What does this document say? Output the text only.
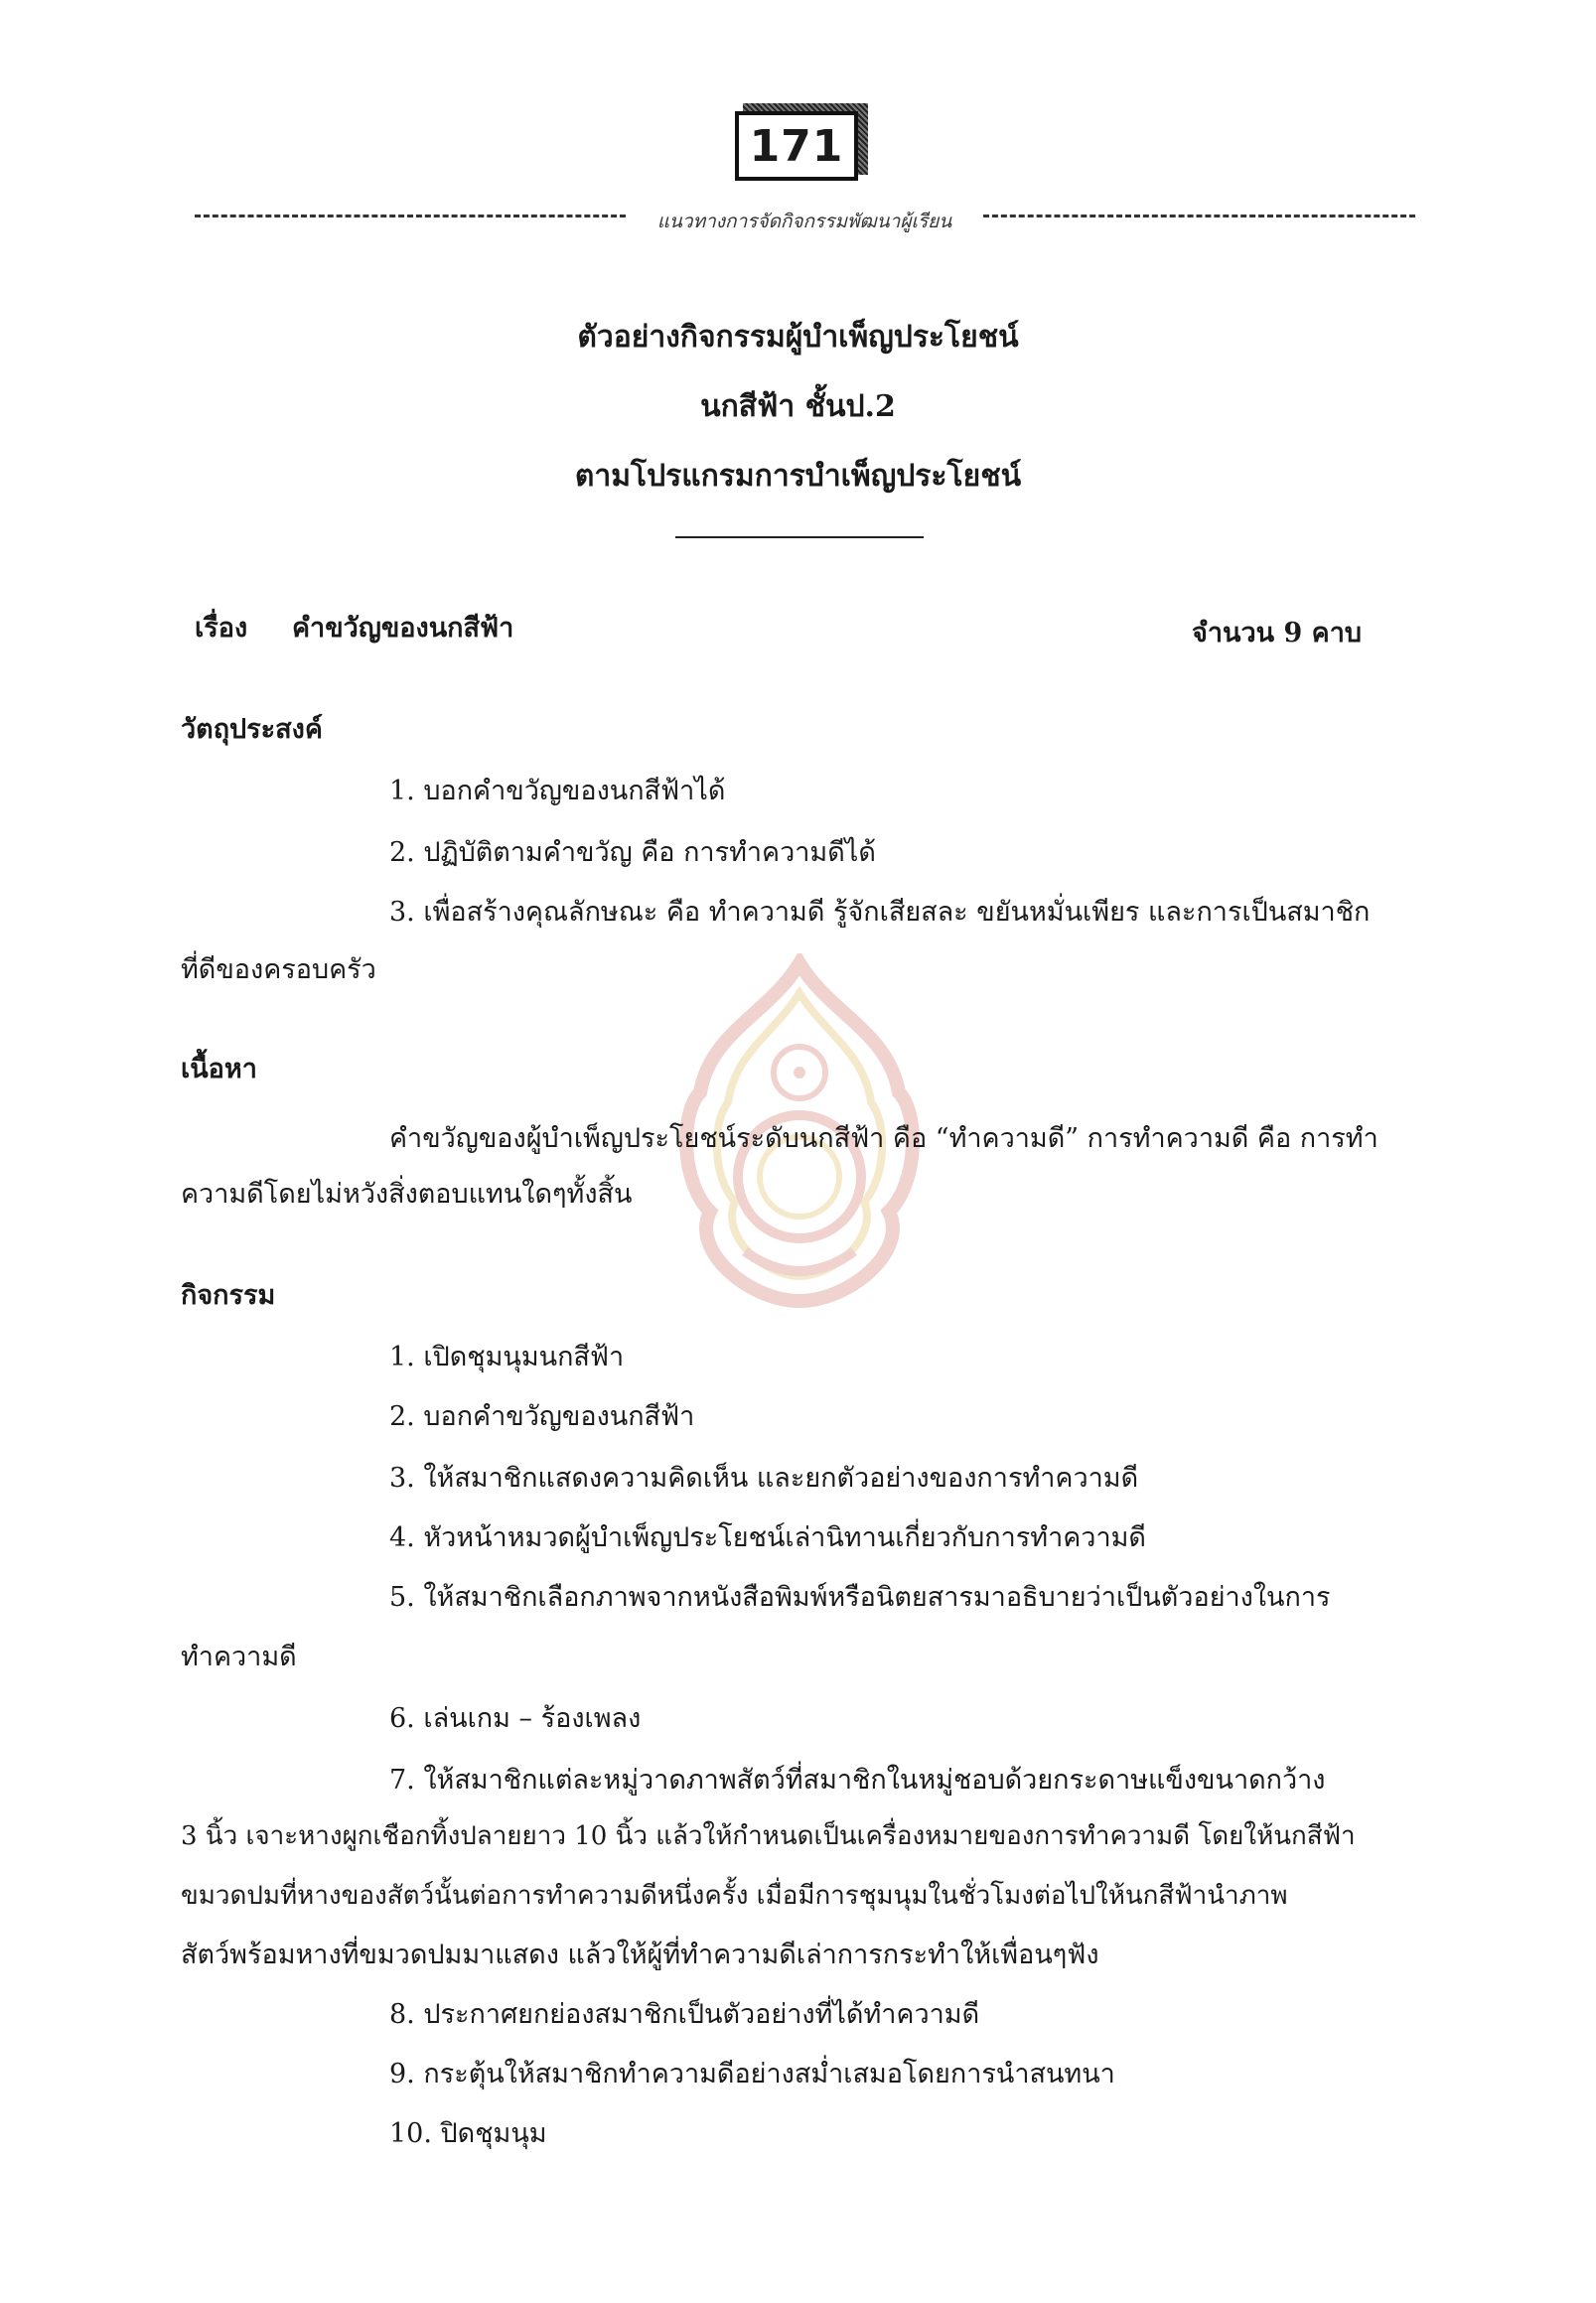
171
แนวทางการจัดกิจกรรมพัฒนาผู้เรียน
ตัวอย่างกิจกรรมผู้บำเพ็ญประโยชน์
นกสีฟ้า ชั้นป.2
ตามโปรแกรมการบำเพ็ญประโยชน์
เรื่อง คำขวัญของนกสีฟ้า	จำนวน 9 คาบ
วัตถุประสงค์
1. บอกคำขวัญของนกสีฟ้าได้
2. ปฏิบัติตามคำขวัญ คือ การทำความดีได้
3. เพื่อสร้างคุณลักษณะ คือ ทำความดี รู้จักเสียสละ ขยันหมั่นเพียร และการเป็นสมาชิก
ที่ดีของครอบครัว
เนื้อหา
คำขวัญของผู้บำเพ็ญประโยชน์ระดับนกสีฟ้า คือ “ทำความดี” การทำความดี คือ การทำ
ความดีโดยไม่หวังสิ่งตอบแทนใดๆทั้งสิ้น
กิจกรรม
1. เปิดชุมนุมนกสีฟ้า
2. บอกคำขวัญของนกสีฟ้า
3. ให้สมาชิกแสดงความคิดเห็น และยกตัวอย่างของการทำความดี
4. หัวหน้าหมวดผู้บำเพ็ญประโยชน์เล่านิทานเกี่ยวกับการทำความดี
5. ให้สมาชิกเลือกภาพจากหนังสือพิมพ์หรือนิตยสารมาอธิบายว่าเป็นตัวอย่างในการ
ทำความดี
6. เล่นเกม – ร้องเพลง
7. ให้สมาชิกแต่ละหมู่วาดภาพสัตว์ที่สมาชิกในหมู่ชอบด้วยกระดาษแข็งขนาดกว้าง
3 นิ้ว เจาะหางผูกเชือกทิ้งปลายยาว 10 นิ้ว แล้วให้กำหนดเป็นเครื่องหมายของการทำความดี โดยให้นกสีฟ้า
ขมวดปมที่หางของสัตว์นั้นต่อการทำความดีหนึ่งครั้ง เมื่อมีการชุมนุมในชั่วโมงต่อไปให้นกสีฟ้านำภาพ
สัตว์พร้อมหางที่ขมวดปมมาแสดง แล้วให้ผู้ที่ทำความดีเล่าการกระทำให้เพื่อนๆฟัง
8. ประกาศยกย่องสมาชิกเป็นตัวอย่างที่ได้ทำความดี
9. กระตุ้นให้สมาชิกทำความดีอย่างสม่ำเสมอโดยการนำสนทนา
10. ปิดชุมนุม
